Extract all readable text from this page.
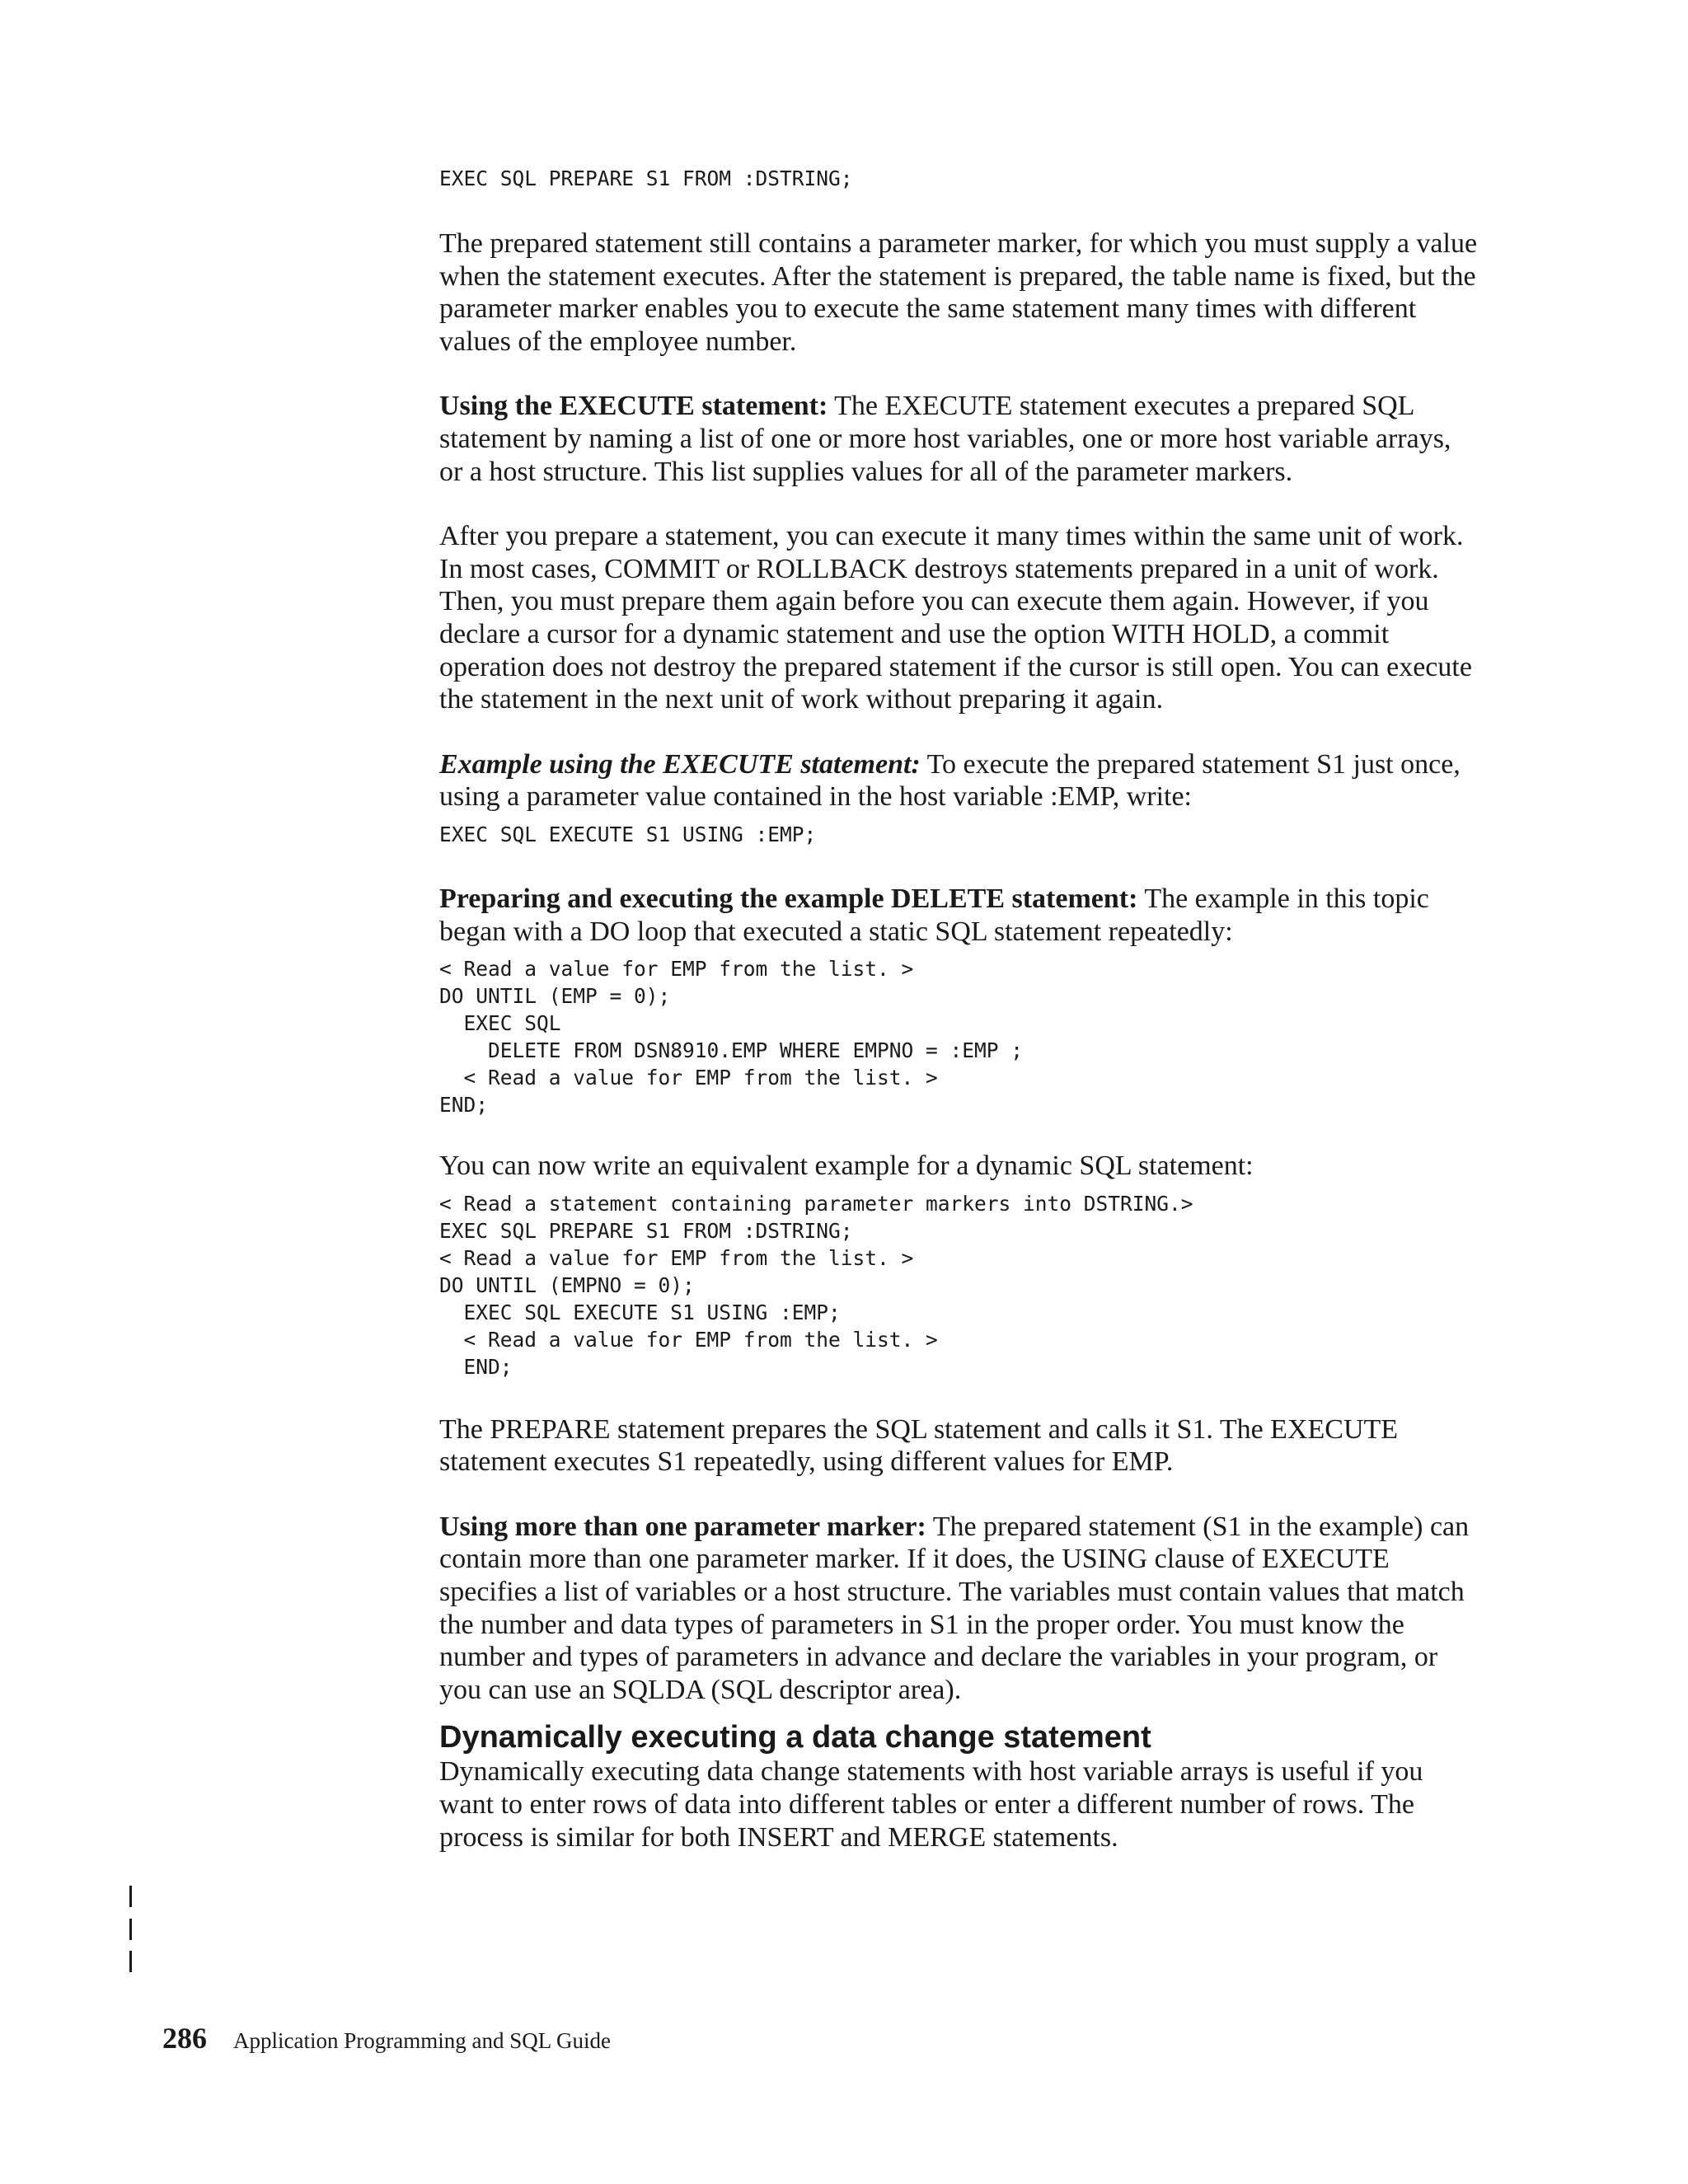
EXEC SQL PREPARE S1 FROM :DSTRING;

The prepared statement still contains a parameter marker, for which you must supply a value when the statement executes. After the statement is prepared, the table name is fixed, but the parameter marker enables you to execute the same statement many times with different values of the employee number.

Using the EXECUTE statement: The EXECUTE statement executes a prepared SQL statement by naming a list of one or more host variables, one or more host variable arrays, or a host structure. This list supplies values for all of the parameter markers.

After you prepare a statement, you can execute it many times within the same unit of work. In most cases, COMMIT or ROLLBACK destroys statements prepared in a unit of work. Then, you must prepare them again before you can execute them again. However, if you declare a cursor for a dynamic statement and use the option WITH HOLD, a commit operation does not destroy the prepared statement if the cursor is still open. You can execute the statement in the next unit of work without preparing it again.

Example using the EXECUTE statement: To execute the prepared statement S1 just once, using a parameter value contained in the host variable :EMP, write:

EXEC SQL EXECUTE S1 USING :EMP;

Preparing and executing the example DELETE statement: The example in this topic began with a DO loop that executed a static SQL statement repeatedly:

< Read a value for EMP from the list. >
DO UNTIL (EMP = 0);
EXEC SQL
DELETE FROM DSN8910.EMP WHERE EMPNO = :EMP ;
< Read a value for EMP from the list. >
END;

You can now write an equivalent example for a dynamic SQL statement:

< Read a statement containing parameter markers into DSTRING.>
EXEC SQL PREPARE S1 FROM :DSTRING;
< Read a value for EMP from the list. >
DO UNTIL (EMPNO = 0);
EXEC SQL EXECUTE S1 USING :EMP;
< Read a value for EMP from the list. >
END;

The PREPARE statement prepares the SQL statement and calls it S1. The EXECUTE statement executes S1 repeatedly, using different values for EMP.

Using more than one parameter marker: The prepared statement (S1 in the example) can contain more than one parameter marker. If it does, the USING clause of EXECUTE specifies a list of variables or a host structure. The variables must contain values that match the number and data types of parameters in S1 in the proper order. You must know the number and types of parameters in advance and declare the variables in your program, or you can use an SQLDA (SQL descriptor area).

Dynamically executing a data change statement

Dynamically executing data change statements with host variable arrays is useful if you want to enter rows of data into different tables or enter a different number of rows. The process is similar for both INSERT and MERGE statements.

286 Application Programming and SQL Guide
